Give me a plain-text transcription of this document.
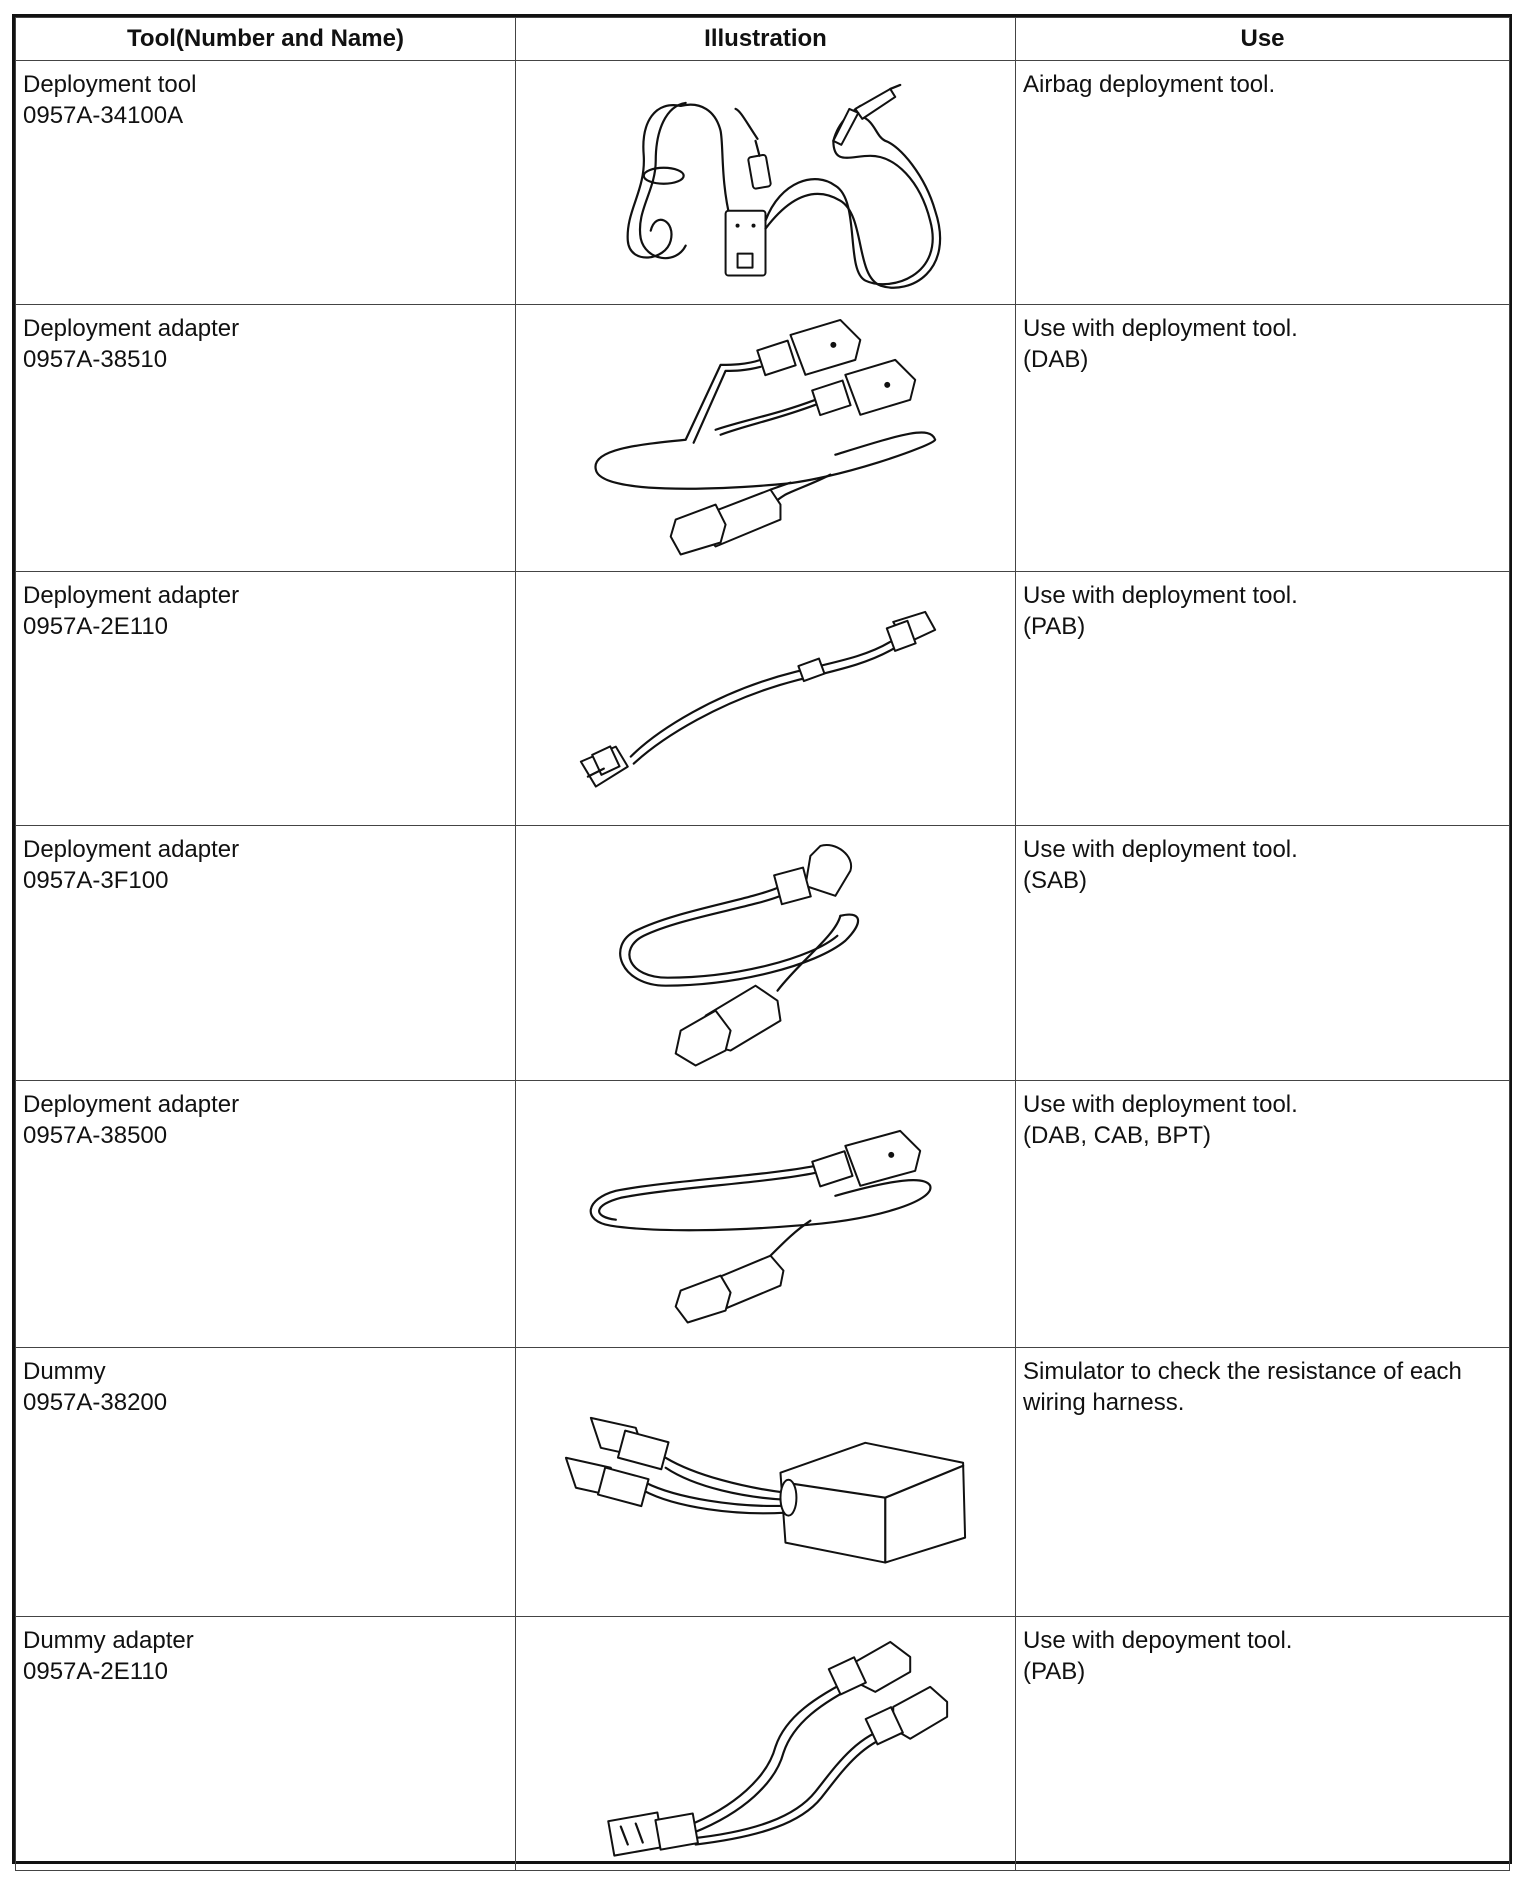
Tool(Number and Name)	Illustration	Use

Deployment tool
0957A-34100A		Airbag deployment tool.

Deployment adapter
0957A-38510		Use with deployment tool.
(DAB)

Deployment adapter
0957A-2E110		Use with deployment tool.
(PAB)

Deployment adapter
0957A-3F100		Use with deployment tool.
(SAB)

Deployment adapter
0957A-38500		Use with deployment tool.
(DAB, CAB, BPT)

Dummy
0957A-38200		Simulator to check the resistance of each
wiring harness.

Dummy adapter
0957A-2E110		Use with depoyment tool.
(PAB)
